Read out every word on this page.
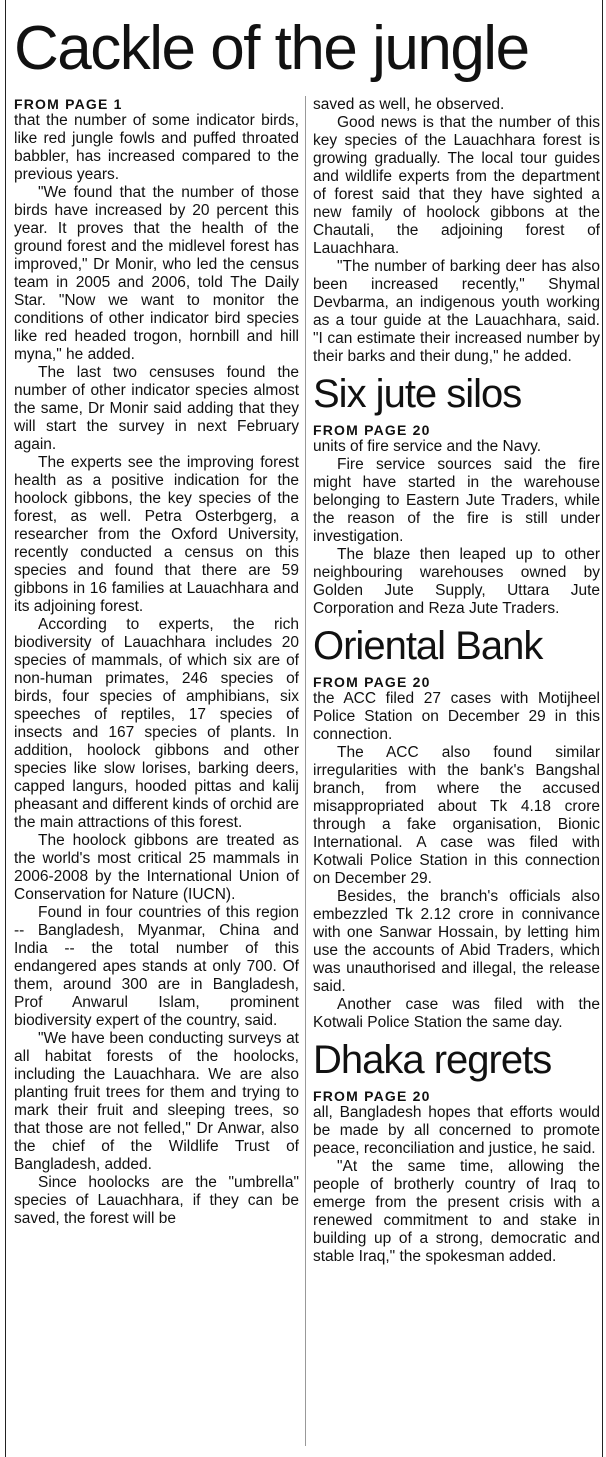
Cackle of the jungle
FROM PAGE 1

that the number of some indicator birds, like red jungle fowls and puffed throated babbler, has increased compared to the previous years.

"We found that the number of those birds have increased by 20 percent this year. It proves that the health of the ground forest and the midlevel forest has improved," Dr Monir, who led the census team in 2005 and 2006, told The Daily Star. "Now we want to monitor the conditions of other indicator bird species like red headed trogon, hornbill and hill myna," he added.

The last two censuses found the number of other indicator species almost the same, Dr Monir said adding that they will start the survey in next February again.

The experts see the improving forest health as a positive indication for the hoolock gibbons, the key species of the forest, as well. Petra Osterbgerg, a researcher from the Oxford University, recently conducted a census on this species and found that there are 59 gibbons in 16 families at Lauachhara and its adjoining forest.

According to experts, the rich biodiversity of Lauachhara includes 20 species of mammals, of which six are of non-human primates, 246 species of birds, four species of amphibians, six speeches of reptiles, 17 species of insects and 167 species of plants. In addition, hoolock gibbons and other species like slow lorises, barking deers, capped langurs, hooded pittas and kalij pheasant and different kinds of orchid are the main attractions of this forest.

The hoolock gibbons are treated as the world's most critical 25 mammals in 2006-2008 by the International Union of Conservation for Nature (IUCN).

Found in four countries of this region -- Bangladesh, Myanmar, China and India -- the total number of this endangered apes stands at only 700. Of them, around 300 are in Bangladesh, Prof Anwarul Islam, prominent biodiversity expert of the country, said.

"We have been conducting surveys at all habitat forests of the hoolocks, including the Lauachhara. We are also planting fruit trees for them and trying to mark their fruit and sleeping trees, so that those are not felled," Dr Anwar, also the chief of the Wildlife Trust of Bangladesh, added.

Since hoolocks are the "umbrella" species of Lauachhara, if they can be saved, the forest will be

saved as well, he observed.

Good news is that the number of this key species of the Lauachhara forest is growing gradually. The local tour guides and wildlife experts from the department of forest said that they have sighted a new family of hoolock gibbons at the Chautali, the adjoining forest of Lauachhara.

"The number of barking deer has also been increased recently," Shymal Devbarma, an indigenous youth working as a tour guide at the Lauachhara, said. "I can estimate their increased number by their barks and their dung," he added.

Six jute silos
FROM PAGE 20

units of fire service and the Navy.

Fire service sources said the fire might have started in the warehouse belonging to Eastern Jute Traders, while the reason of the fire is still under investigation.

The blaze then leaped up to other neighbouring warehouses owned by Golden Jute Supply, Uttara Jute Corporation and Reza Jute Traders.

Oriental Bank
FROM PAGE 20

the ACC filed 27 cases with Motijheel Police Station on December 29 in this connection.

The ACC also found similar irregularities with the bank's Bangshal branch, from where the accused misappropriated about Tk 4.18 crore through a fake organisation, Bionic International. A case was filed with Kotwali Police Station in this connection on December 29.

Besides, the branch's officials also embezzled Tk 2.12 crore in connivance with one Sanwar Hossain, by letting him use the accounts of Abid Traders, which was unauthorised and illegal, the release said.

Another case was filed with the Kotwali Police Station the same day.

Dhaka regrets
FROM PAGE 20

all, Bangladesh hopes that efforts would be made by all concerned to promote peace, reconciliation and justice, he said.

"At the same time, allowing the people of brotherly country of Iraq to emerge from the present crisis with a renewed commitment to and stake in building up of a strong, democratic and stable Iraq," the spokesman added.
